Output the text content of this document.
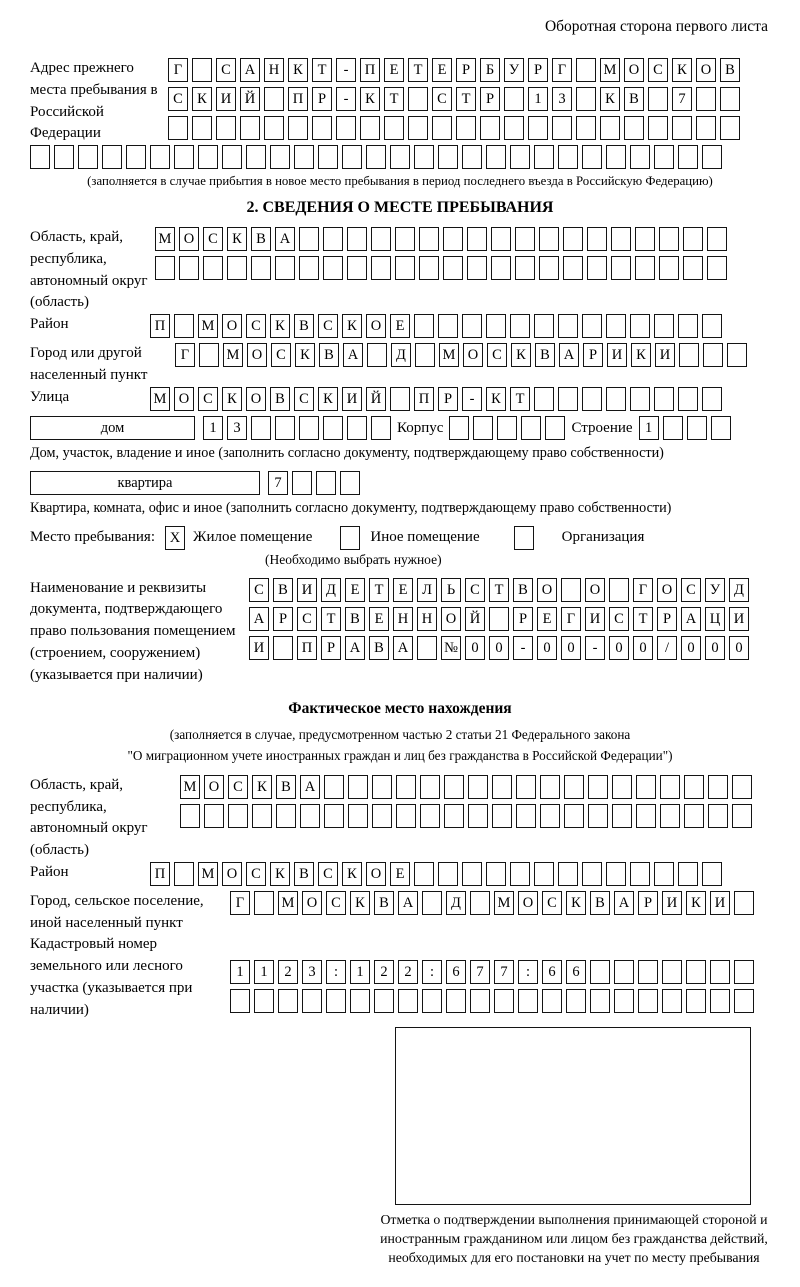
Оборотная сторона первого листа
Адрес прежнего места пребывания в Российской Федерации
Г	С А Н К Т - П Е Т Е Р Б У Р Г	М О С К О В
С К И Й	П Р - К Т	С Т Р	1 3	К В	7
(заполняется в случае прибытия в новое место пребывания в период последнего въезда в Российскую Федерацию)
2. СВЕДЕНИЯ О МЕСТЕ ПРЕБЫВАНИЯ
Область, край, республика, автономный округ (область)
М О С К В А
Район	П	М О С К В С К О Е
Город или другой населенный пункт
Г	М О С К В А	Д	М О С К В А Р И К И
Улица	М О С К О В С К И Й	П Р - К Т
дом	1 3	Корпус	Строение 1
Дом, участок, владение и иное (заполнить согласно документу, подтверждающему право собственности)
квартира	7
Квартира, комната, офис и иное (заполнить согласно документу, подтверждающему право собственности)
Место пребывания:	X Жилое помещение	Иное помещение	Организация
(Необходимо выбрать нужное)
Наименование и реквизиты документа, подтверждающего право пользования помещением (строением, сооружением) (указывается при наличии)
С В И Д Е Т Е Л Ь С Т В О	О	Г О С У Д
А Р С Т В Е Н Н О Й	Р Е Г И С Т Р А Ц И
И	П Р А В А № 0 0 - 0 0 - 0 0 / 0 0 0
Фактическое место нахождения
(заполняется в случае, предусмотренном частью 2 статьи 21 Федерального закона
"О миграционном учете иностранных граждан и лиц без гражданства в Российской Федерации")
Область, край, республика, автономный округ (область)
М О С К В А
Район	П	М О С К В С К О Е
Город, сельское поселение, иной населенный пункт
Г	М О С К В А	Д	М О С К В А Р И К И
Кадастровый номер земельного или лесного участка (указывается при наличии)
1 1 2 3 : 1 2 2 : 6 7 7 : 6 6
Отметка о подтверждении выполнения принимающей стороной и иностранным гражданином или лицом без гражданства действий, необходимых для его постановки на учет по месту пребывания
